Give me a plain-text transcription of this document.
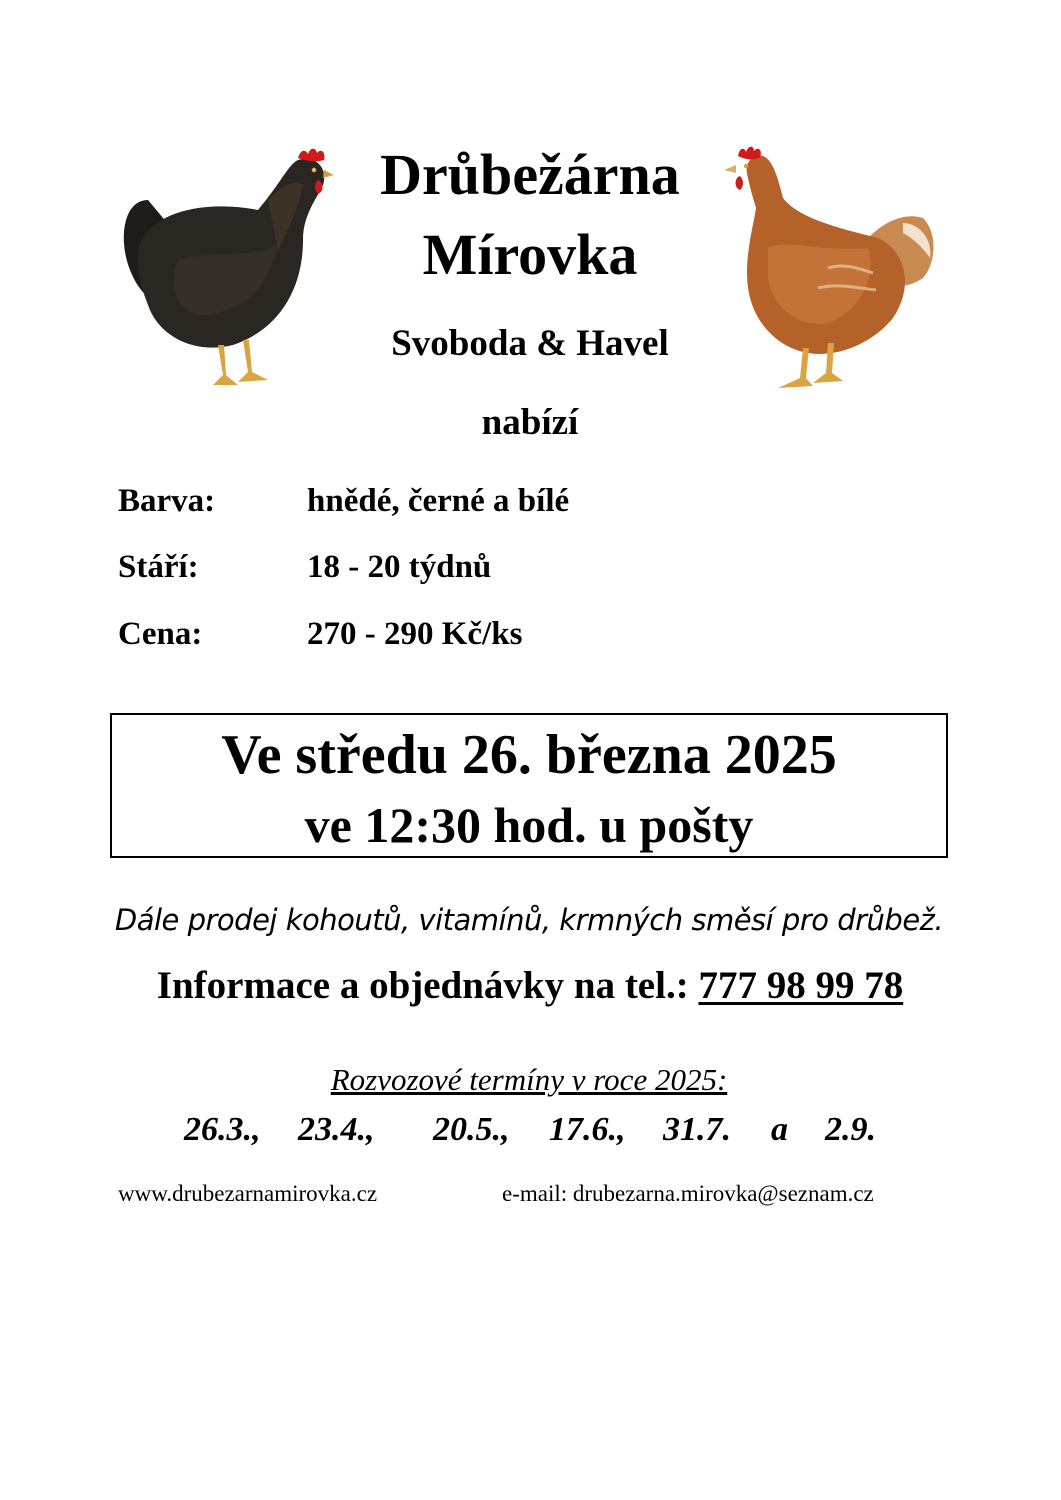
Drůbežárna
Mírovka
Svoboda & Havel
nabízí
Barva:	hnědé, černé a bílé
Stáří:	18 - 20 týdnů
Cena:	270 - 290 Kč/ks
Ve středu 26. března 2025
ve 12:30 hod. u pošty
Dále prodej kohoutů, vitamínů, krmných směsí pro drůbež.
Informace a objednávky na tel.: 777 98 99 78
Rozvozové termíny v roce 2025:
26.3., 23.4., 20.5., 17.6., 31.7. a 2.9.
www.drubezarnamirovka.cz	e-mail: drubezarna.mirovka@seznam.cz
